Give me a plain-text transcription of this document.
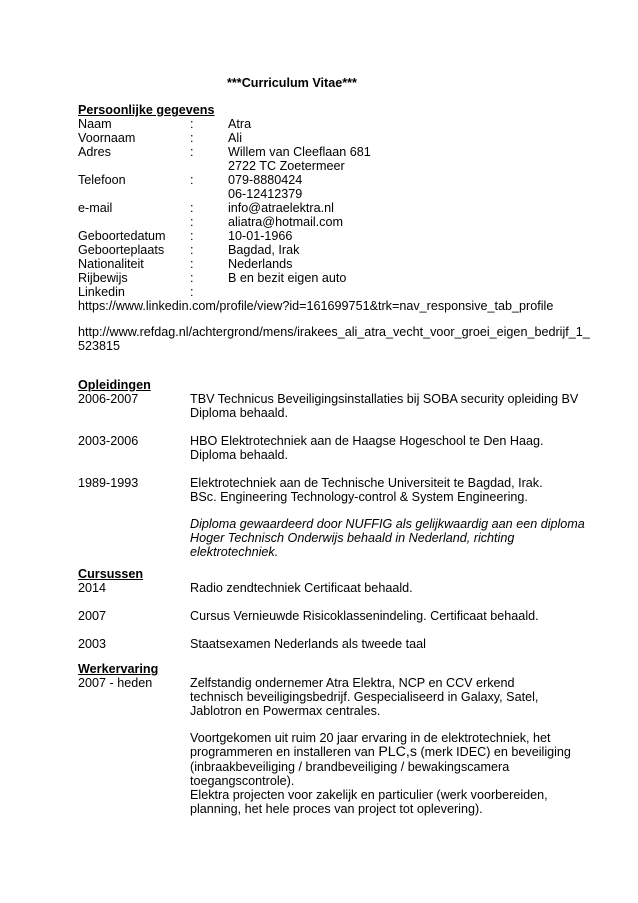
***Curriculum Vitae***
Persoonlijke gegevens
Naam	:	Atra
Voornaam	:	Ali
Adres	:	Willem van Cleeflaan 681
2722 TC Zoetermeer
Telefoon	:	079-8880424
06-12412379
e-mail	:	info@atraelektra.nl
:	aliatra@hotmail.com
Geboortedatum :	10-01-1966
Geboorteplaats :	Bagdad, Irak
Nationaliteit	:	Nederlands
Rijbewijs	:	B en bezit eigen auto
Linkedin	:
https://www.linkedin.com/profile/view?id=161699751&trk=nav_responsive_tab_profile
http://www.refdag.nl/achtergrond/mens/irakees_ali_atra_vecht_voor_groei_eigen_bedrijf_1_
523815
Opleidingen
2006-2007	TBV Technicus Beveiligingsinstallaties bij SOBA security opleiding BV
Diploma behaald.
2003-2006	HBO Elektrotechniek aan de Haagse Hogeschool te Den Haag.
Diploma behaald.
1989-1993	Elektrotechniek aan de Technische Universiteit te Bagdad, Irak.
BSc. Engineering Technology-control & System Engineering.
Diploma gewaardeerd door NUFFIG als gelijkwaardig aan een diploma
Hoger Technisch Onderwijs behaald in Nederland, richting
elektrotechniek.
Cursussen
2014	Radio zendtechniek Certificaat behaald.
2007	Cursus Vernieuwde Risicoklassenindeling. Certificaat behaald.
2003	Staatsexamen Nederlands als tweede taal
Werkervaring
2007 - heden	Zelfstandig ondernemer Atra Elektra, NCP en CCV erkend
technisch beveiligingsbedrijf. Gespecialiseerd in Galaxy, Satel,
Jablotron en Powermax centrales.
Voortgekomen uit ruim 20 jaar ervaring in de elektrotechniek, het
programmeren en installeren van PLC,s (merk IDEC) en beveiliging
(inbraakbeveiliging / brandbeveiliging / bewakingscamera
toegangscontrole).
Elektra projecten voor zakelijk en particulier (werk voorbereiden,
planning, het hele proces van project tot oplevering).
